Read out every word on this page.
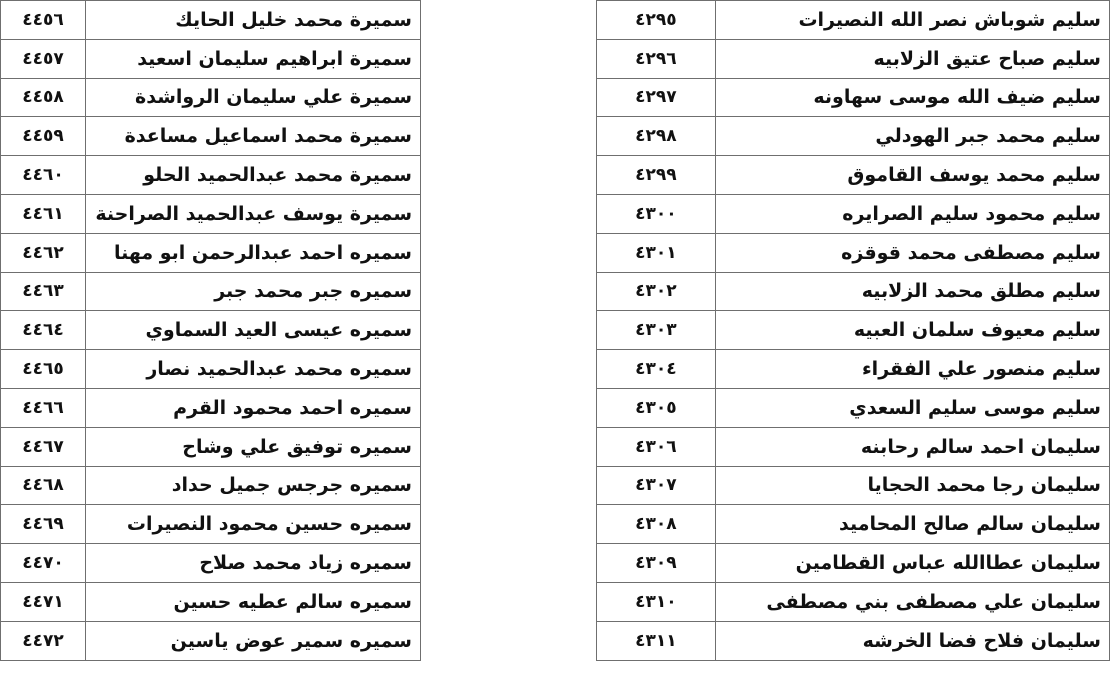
سميرة محمد خليل الحايك	٤٤٥٦
سميرة ابراهيم سليمان اسعيد	٤٤٥٧
سميرة علي سليمان الرواشدة	٤٤٥٨
سميرة محمد اسماعيل مساعدة	٤٤٥٩
سميرة محمد عبدالحميد الحلو	٤٤٦٠
سميرة يوسف عبدالحميد الصراحنة	٤٤٦١
سميره احمد عبدالرحمن ابو مهنا	٤٤٦٢
سميره جبر محمد جبر	٤٤٦٣
سميره عيسى العيد السماوي	٤٤٦٤
سميره محمد عبدالحميد نصار	٤٤٦٥
سميره احمد محمود القرم	٤٤٦٦
سميره توفيق علي وشاح	٤٤٦٧
سميره جرجس جميل حداد	٤٤٦٨
سميره حسين محمود النصيرات	٤٤٦٩
سميره زياد محمد صلاح	٤٤٧٠
سميره سالم عطيه حسين	٤٤٧١
سميره سمير عوض ياسين	٤٤٧٢
سليم شوباش نصر الله النصيرات	٤٢٩٥
سليم صباح عتيق الزلابيه	٤٢٩٦
سليم ضيف الله موسى سهاونه	٤٢٩٧
سليم محمد جبر الهودلي	٤٢٩٨
سليم محمد يوسف القاموق	٤٢٩٩
سليم محمود سليم الصرايره	٤٣٠٠
سليم مصطفى محمد قوقزه	٤٣٠١
سليم مطلق محمد الزلابيه	٤٣٠٢
سليم معيوف سلمان العبيه	٤٣٠٣
سليم منصور علي الفقراء	٤٣٠٤
سليم موسى سليم السعدي	٤٣٠٥
سليمان احمد سالم رحابنه	٤٣٠٦
سليمان رجا محمد الحجايا	٤٣٠٧
سليمان سالم صالح المحاميد	٤٣٠٨
سليمان عطاالله عباس القطامين	٤٣٠٩
سليمان علي مصطفى بني مصطفى	٤٣١٠
سليمان فلاح فضا الخرشه	٤٣١١
